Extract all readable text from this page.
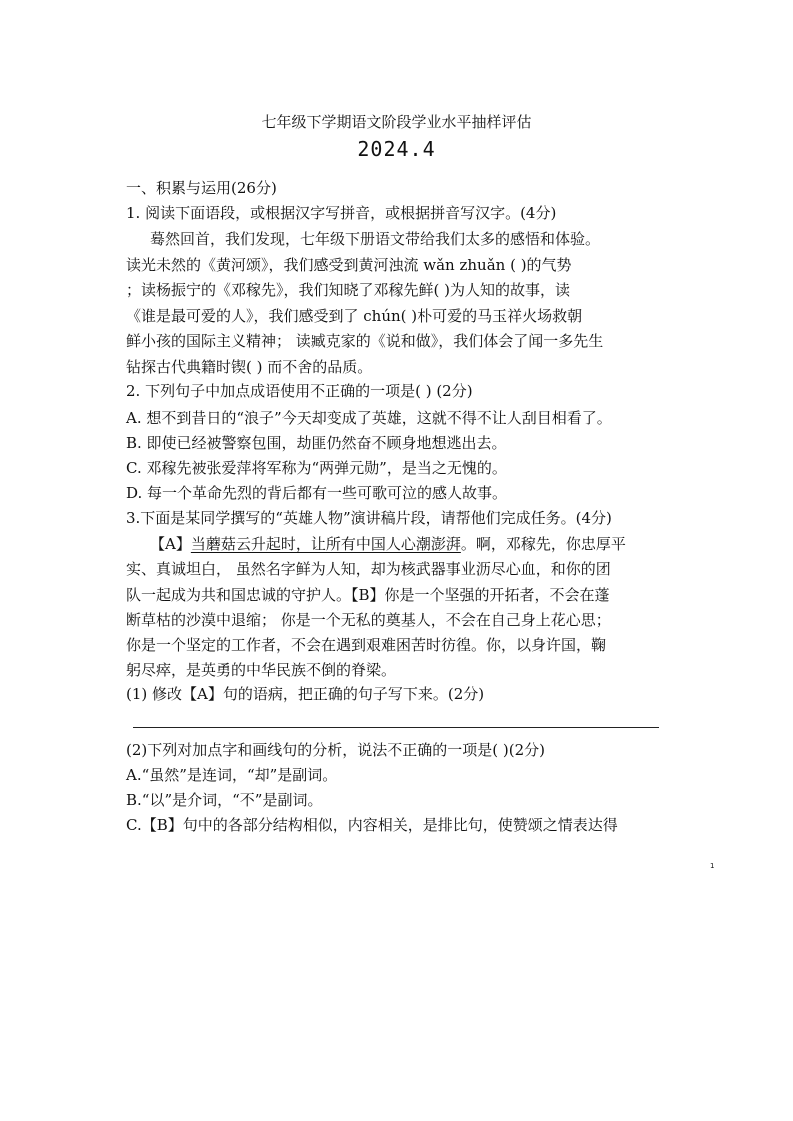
七年级下学期语文阶段学业水平抽样评估
2024.4
一、积累与运用(26分)
1. 阅读下面语段，或根据汉字写拼音，或根据拼音写汉字。(4分)
蓦然回首，我们发现，七年级下册语文带给我们太多的感悟和体验。
读光未然的《黄河颂》，我们感受到黄河浊流 wǎn zhuǎn ( )的气势
；读杨振宁的《邓稼先》，我们知晓了邓稼先鲜( )为人知的故事，读
《谁是最可爱的人》，我们感受到了 chún( )朴可爱的马玉祥火场救朝
鲜小孩的国际主义精神； 读臧克家的《说和做》，我们体会了闻一多先生
钻探古代典籍时锲( ) 而不舍的品质。
2. 下列句子中加点成语使用不正确的一项是( ) (2分)
A. 想不到昔日的“浪子”今天却变成了英雄，这就不得不让人刮目相看了。
B. 即使已经被警察包围，劫匪仍然奋不顾身地想逃出去。
C. 邓稼先被张爱萍将军称为“两弹元勋”，是当之无愧的。
D. 每一个革命先烈的背后都有一些可歌可泣的感人故事。
3.下面是某同学撰写的“英雄人物”演讲稿片段，请帮他们完成任务。(4分)
【A】当蘑菇云升起时，让所有中国人心潮澎湃。啊，邓稼先，你忠厚平
实、真诚坦白， 虽然名字鲜为人知，却为核武器事业沥尽心血，和你的团
队一起成为共和国忠诚的守护人。【B】你是一个坚强的开拓者，不会在蓬
断草枯的沙漠中退缩； 你是一个无私的奠基人，不会在自己身上花心思；
你是一个坚定的工作者，不会在遇到艰难困苦时彷徨。你，以身许国，鞠
躬尽瘁，是英勇的中华民族不倒的脊梁。
(1) 修改【A】句的语病，把正确的句子写下来。(2分)
(2)下列对加点字和画线句的分析，说法不正确的一项是( )(2分)
A.“虽然”是连词，“却”是副词。
B.“以”是介词，“不”是副词。
C.【B】句中的各部分结构相似，内容相关，是排比句，使赞颂之情表达得
1
